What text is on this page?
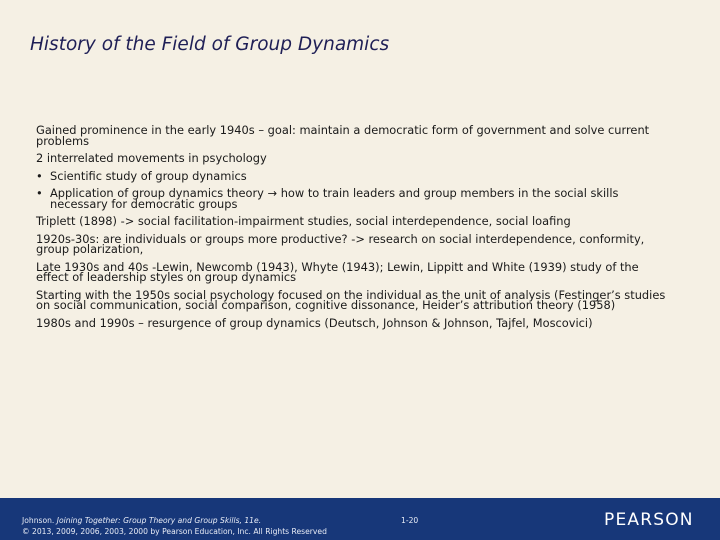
History of the Field of Group Dynamics

Gained prominence in the early 1940s – goal: maintain a democratic form of government and solve current problems

2 interrelated movements in psychology

• Scientific study of group dynamics

• Application of group dynamics theory → how to train leaders and group members in the social skills necessary for democratic groups

Triplett (1898) -> social facilitation-impairment studies, social interdependence, social loafing

1920s-30s: are individuals or groups more productive? -> research on social interdependence, conformity, group polarization,

Late 1930s and 40s -Lewin, Newcomb (1943), Whyte (1943); Lewin, Lippitt and White (1939) study of the effect of leadership styles on group dynamics

Starting with the 1950s social psychology focused on the individual as the unit of analysis (Festinger’s studies on social communication, social comparison, cognitive dissonance, Heider’s attribution theory (1958)

1980s and 1990s – resurgence of group dynamics (Deutsch, Johnson & Johnson, Tajfel, Moscovici)

Johnson. Joining Together: Group Theory and Group Skills, 11e.
© 2013, 2009, 2006, 2003, 2000 by Pearson Education, Inc. All Rights Reserved
1-20	PEARSON
